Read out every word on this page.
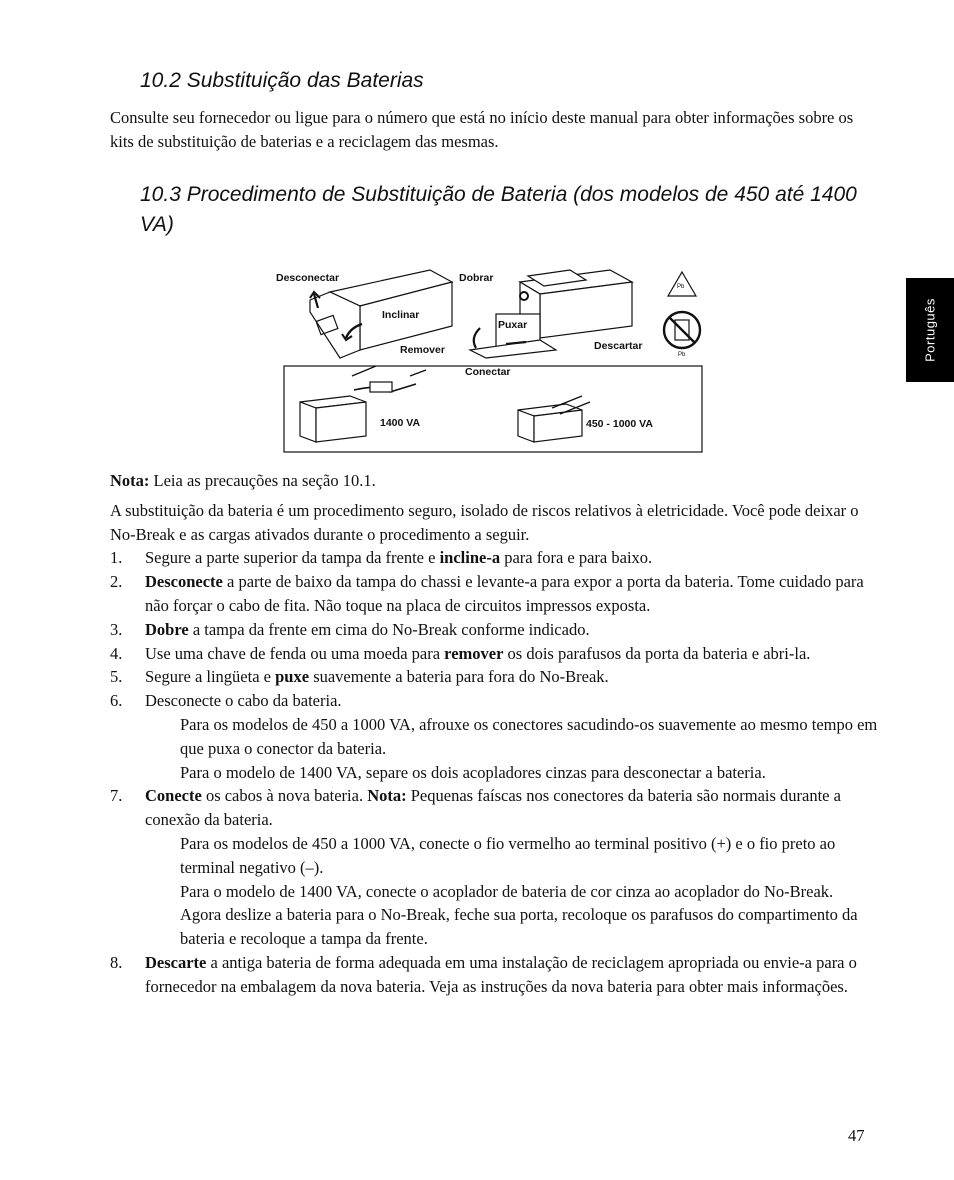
10.2 Substituição das Baterias

Consulte seu fornecedor ou ligue para o número que está no início deste manual para obter informações sobre os kits de substituição de baterias e a reciclagem das mesmas.

10.3 Procedimento de Substituição de Bateria (dos modelos de 450 até 1400 VA)
Português
Desconectar
Inclinar
Remover
Dobrar
Puxar
Descartar
Conectar
1400 VA	450 - 1000 VA
Pb
Pb

Nota: Leia as precauções na seção 10.1.

A substituição da bateria é um procedimento seguro, isolado de riscos relativos à eletricidade. Você pode deixar o No-Break e as cargas ativados durante o procedimento a seguir.

1. Segure a parte superior da tampa da frente e incline-a para fora e para baixo.

2. Desconecte a parte de baixo da tampa do chassi e levante-a para expor a porta da bateria. Tome cuidado para não forçar o cabo de fita. Não toque na placa de circuitos impressos exposta.

3. Dobre a tampa da frente em cima do No-Break conforme indicado.

4. Use uma chave de fenda ou uma moeda para remover os dois parafusos da porta da bateria e abri-la.

5. Segure a lingüeta e puxe suavemente a bateria para fora do No-Break.

6. Desconecte o cabo da bateria.

Para os modelos de 450 a 1000 VA, afrouxe os conectores sacudindo-os suavemente ao mesmo tempo em que puxa o conector da bateria.

Para o modelo de 1400 VA, separe os dois acopladores cinzas para desconectar a bateria.

7. Conecte os cabos à nova bateria. Nota: Pequenas faíscas nos conectores da bateria são normais durante a conexão da bateria.

Para os modelos de 450 a 1000 VA, conecte o fio vermelho ao terminal positivo (+) e o fio preto ao terminal negativo (–).

Para o modelo de 1400 VA, conecte o acoplador de bateria de cor cinza ao acoplador do No-Break.

Agora deslize a bateria para o No-Break, feche sua porta, recoloque os parafusos do compartimento da bateria e recoloque a tampa da frente.

8. Descarte a antiga bateria de forma adequada em uma instalação de reciclagem apropriada ou envie-a para o fornecedor na embalagem da nova bateria. Veja as instruções da nova bateria para obter mais informações.

47
